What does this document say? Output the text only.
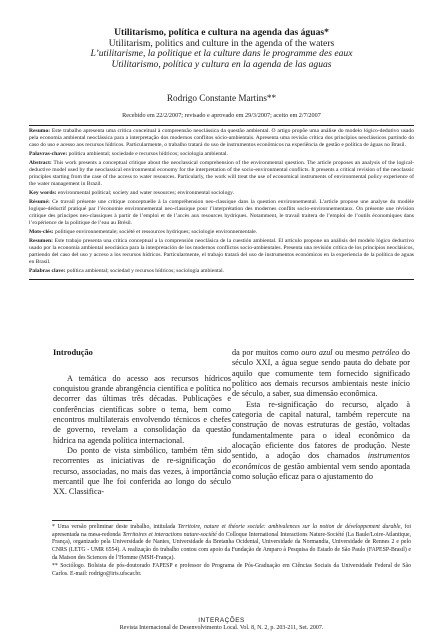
Utilitarismo, política e cultura na agenda das águas*
Utilitarism, politics and culture in the agenda of the waters
L’utilitarisme, la politique et la culture dans le programme des eaux
Utilitarismo, política y cultura en la agenda de las aguas
Rodrigo Constante Martins**
Recebido em 22/2/2007; revisado e aprovado em 29/3/2007; aceito em 2/7/2007

Resumo: Este trabalho apresenta uma crítica conceitual à compreensão neoclássica da questão ambiental. O artigo propõe uma análise do modelo lógico-dedutivo usado pela economia ambiental neoclássica para a interpretação dos modernos conflitos sócio-ambientais. Apresenta uma revisão crítica dos princípios neoclássicos partindo do caso do uso e acesso aos recursos hídricos. Particularmente, o trabalho tratará do uso de instrumentos econômicos na experiência de gestão e política de águas no Brasil.

Palavras-chave: política ambiental; sociedade e recursos hídricos; sociologia ambiental.

Abstract: This work presents a conceptual critique about the neoclassical comprehension of the environmental question. The article proposes an analysis of the logical-deductive model used by the neoclassical environmental economy for the interpretation of the socio-environmental conflicts. It presents a critical revision of the neoclassic principles starting from the case of the access to water resources. Particularly, the work will treat the use of economical instruments of environmental policy experience of the water management in Brazil.

Key words: environmental political; society and water resources; environmental sociology.

Résumé: Ce travail présente une critique conceptuelle à la compréhension neo-classique dans la question environnemental. L’article propose une analyse du modèle logique-déductif pratiqué par l’économie environnemental neo-classique pour l’interprétation des modernes conflits socio-environnementaux. On présente une révision critique des principes neo-classiques à partir de l’emploi et de l’accès aux resources hydriques. Notamment, le travail traitera de l’emploi de l’outils économiques dans l’expérience de la politique de l’eau au Brésil.

Mots-clés: politique environnementale; société et ressources hydriques; sociologie environnementale.

Resumen: Este trabajo presenta una crítica conceptual a la comprensión neoclásica de la cuestión ambiental. El artículo propone un análisis del modelo lógico deductivo usado por la economía ambiental neoclásica para la interpretación de los modernos conflictos socio-ambientales. Presenta una revisión crítica de los principios neoclásicos, partiendo del caso del uso y acceso a los recursos hídricos. Particularmente, el trabajo tratará del uso de instrumentos económicos en la experiencia de la política de aguas en Brasil.

Palabras clave: política ambiental; sociedad y recursos hídricos; sociología ambiental.

Introdução

A temática do acesso aos recursos hídricos conquistou grande abrangência científica e política no decorrer das últimas três décadas. Publicações e conferências científicas sobre o tema, bem como encontros multilaterais envolvendo técnicos e chefes de governo, revelam a consolidação da questão hídrica na agenda política internacional.

Do ponto de vista simbólico, também têm sido recorrentes as iniciativas de re-significação do recurso, associadas, no mais das vezes, à importância mercantil que lhe foi conferida ao longo do século XX. Classifica-

da por muitos como ouro azul ou mesmo petróleo do século XXI, a água segue sendo pauta do debate por aquilo que comumente tem fornecido significado político aos demais recursos ambientais neste início de século, a saber, sua dimensão econômica.

Esta re-significação do recurso, alçado à categoria de capital natural, também repercute na construção de novas estruturas de gestão, voltadas fundamentalmente para o ideal econômico da alocação eficiente dos fatores de produção. Neste sentido, a adoção dos chamados instrumentos econômicos de gestão ambiental vem sendo apontada como solução eficaz para o ajustamento do

* Uma versão preliminar deste trabalho, intitulada Territoire, nature et théorie sociale: ambivalences sur la notion de développement durable, foi apresentada na mesa-redonda Territoires et interactions nature-société do Colloque International Interactions Nature-Société (La Baule/Loire-Atlantique, França), organizado pela Universidade de Nantes, Universidade da Bretanha Ocidental, Universidade da Normandia, Universidade de Rennes 2 e pelo CNRS (LETG - UMR 6554). A realização do trabalho contou com apoio da Fundação de Amparo à Pesquisa do Estado de São Paulo (FAPESP-Brasil) e da Maison des Sciences de l’Homme (MSH-França).

** Sociólogo. Bolsista de pós-doutorado FAPESP e professor do Programa de Pós-Graduação em Ciências Sociais da Universidade Federal de São Carlos. E-mail: rodrigo@iris.ufscar.br.

INTERAÇÕES
Revista Internacional de Desenvolvimento Local. Vol. 8, N. 2, p. 203-211, Set. 2007.
